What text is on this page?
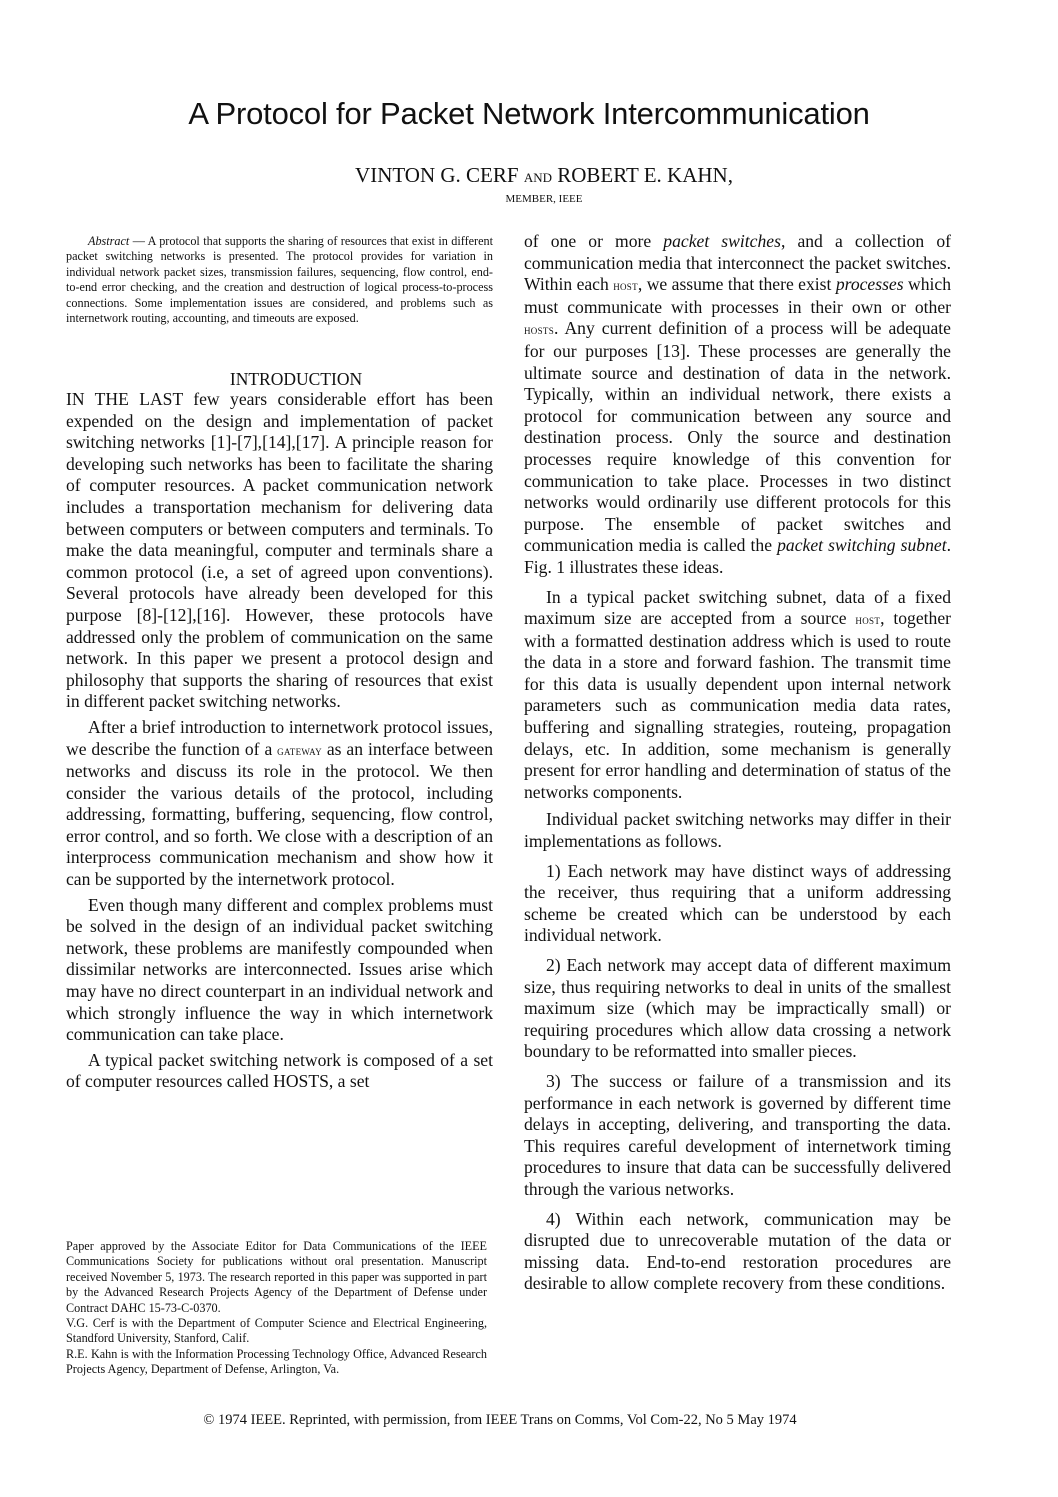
A Protocol for Packet Network Intercommunication
VINTON G. CERF AND ROBERT E. KAHN,
MEMBER, IEEE
Abstract — A protocol that supports the sharing of resources that exist in different packet switching networks is presented. The protocol provides for variation in individual network packet sizes, transmission failures, sequencing, flow control, end-to-end error checking, and the creation and destruction of logical process-to-process connections. Some implementation issues are considered, and problems such as internetwork routing, accounting, and timeouts are exposed.
INTRODUCTION

IN THE LAST few years considerable effort has been expended on the design and implementation of packet switching networks [1]-[7],[14],[17]. A principle reason for developing such networks has been to facilitate the sharing of computer resources. A packet communication network includes a transportation mechanism for delivering data between computers or between computers and terminals. To make the data meaningful, computer and terminals share a common protocol (i.e, a set of agreed upon conventions). Several protocols have already been developed for this purpose [8]-[12],[16]. However, these protocols have addressed only the problem of communication on the same network. In this paper we present a protocol design and philosophy that supports the sharing of resources that exist in different packet switching networks.

After a brief introduction to internetwork protocol issues, we describe the function of a gateway as an interface between networks and discuss its role in the protocol. We then consider the various details of the protocol, including addressing, formatting, buffering, sequencing, flow control, error control, and so forth. We close with a description of an interprocess communication mechanism and show how it can be supported by the internetwork protocol.

Even though many different and complex problems must be solved in the design of an individual packet switching network, these problems are manifestly compounded when dissimilar networks are interconnected. Issues arise which may have no direct counterpart in an individual network and which strongly influence the way in which internetwork communication can take place.

A typical packet switching network is composed of a set of computer resources called HOSTS, a set

Paper approved by the Associate Editor for Data Communications of the IEEE Communications Society for publications without oral presentation. Manuscript received November 5, 1973. The research reported in this paper was supported in part by the Advanced Research Projects Agency of the Department of Defense under Contract DAHC 15-73-C-0370.

V.G. Cerf is with the Department of Computer Science and Electrical Engineering, Standford University, Stanford, Calif.

R.E. Kahn is with the Information Processing Technology Office, Advanced Research Projects Agency, Department of Defense, Arlington, Va.

of one or more packet switches, and a collection of communication media that interconnect the packet switches. Within each host, we assume that there exist processes which must communicate with processes in their own or other hosts. Any current definition of a process will be adequate for our purposes [13]. These processes are generally the ultimate source and destination of data in the network. Typically, within an individual network, there exists a protocol for communication between any source and destination process. Only the source and destination processes require knowledge of this convention for communication to take place. Processes in two distinct networks would ordinarily use different protocols for this purpose. The ensemble of packet switches and communication media is called the packet switching subnet. Fig. 1 illustrates these ideas.

In a typical packet switching subnet, data of a fixed maximum size are accepted from a source host, together with a formatted destination address which is used to route the data in a store and forward fashion. The transmit time for this data is usually dependent upon internal network parameters such as communication media data rates, buffering and signalling strategies, routeing, propagation delays, etc. In addition, some mechanism is generally present for error handling and determination of status of the networks components.

Individual packet switching networks may differ in their implementations as follows.

1) Each network may have distinct ways of addressing the receiver, thus requiring that a uniform addressing scheme be created which can be understood by each individual network.

2) Each network may accept data of different maximum size, thus requiring networks to deal in units of the smallest maximum size (which may be impractically small) or requiring procedures which allow data crossing a network boundary to be reformatted into smaller pieces.

3) The success or failure of a transmission and its performance in each network is governed by different time delays in accepting, delivering, and transporting the data. This requires careful development of internetwork timing procedures to insure that data can be successfully delivered through the various networks.

4) Within each network, communication may be disrupted due to unrecoverable mutation of the data or missing data. End-to-end restoration procedures are desirable to allow complete recovery from these conditions.

© 1974 IEEE. Reprinted, with permission, from IEEE Trans on Comms, Vol Com-22, No 5 May 1974
